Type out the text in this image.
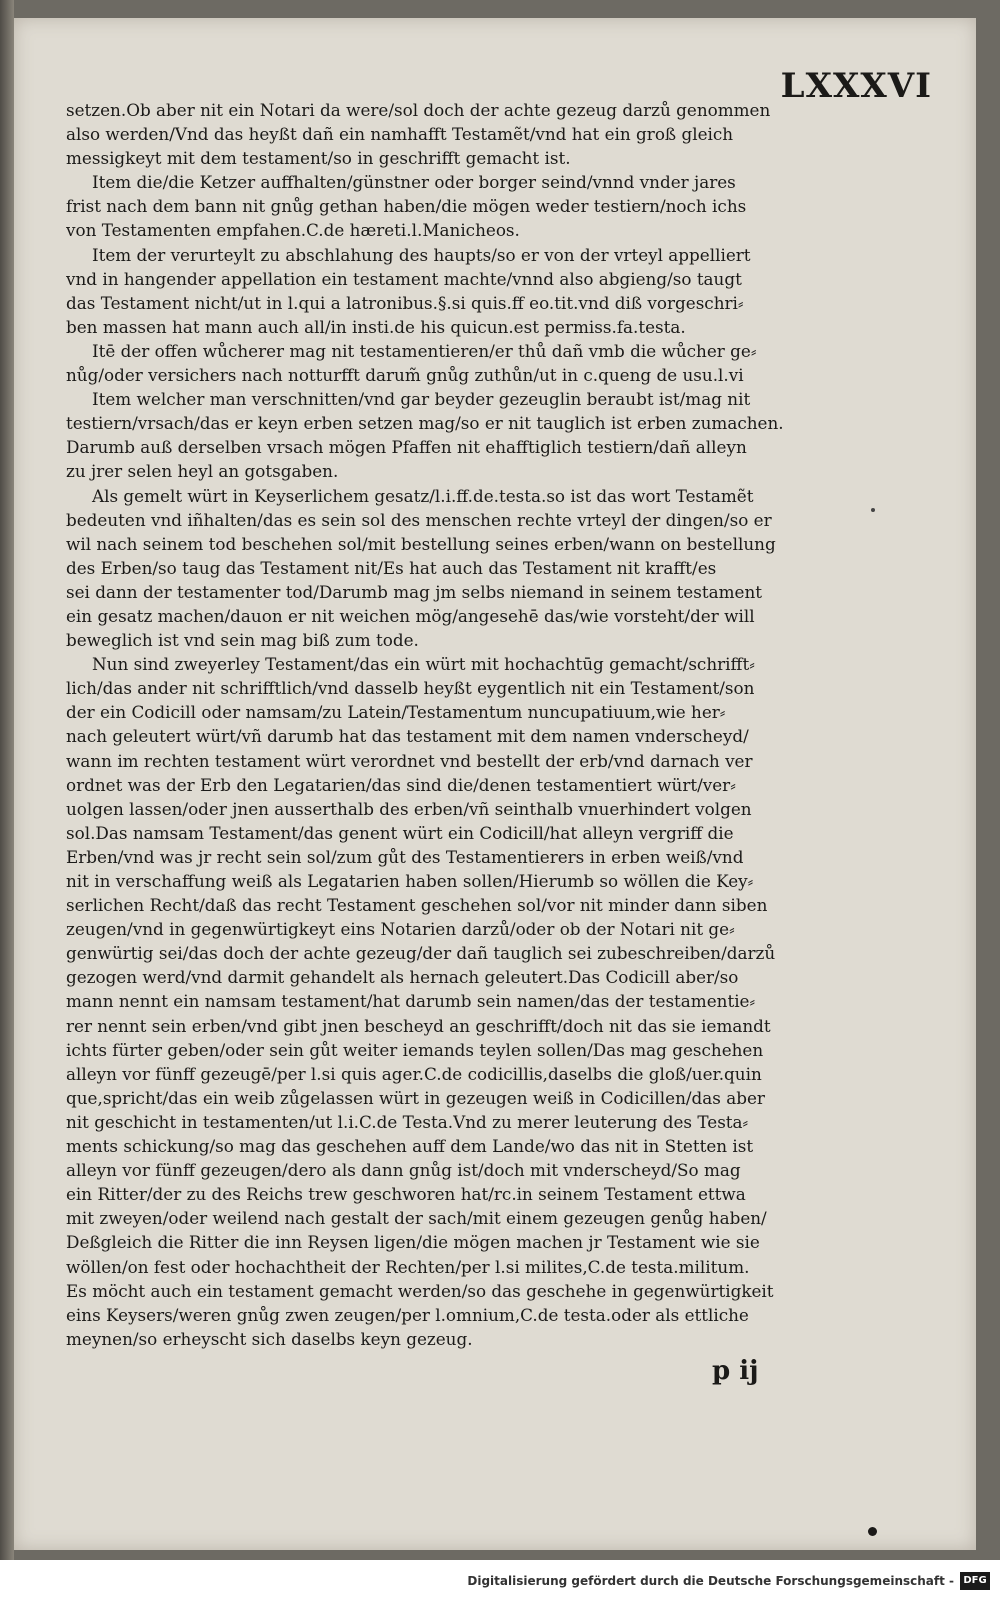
LXXXVI
setzen.Ob aber nit ein Notari da were/sol doch der achte gezeug darzů genommen
also werden/Vnd das heyßt dañ ein namhafft Testamẽt/vnd hat ein groß gleich
messigkeyt mit dem testament/so in geschrifft gemacht ist.
Item die/die Ketzer auffhalten/günstner oder borger seind/vnnd vnder jares
frist nach dem bann nit gnůg gethan haben/die mögen weder testiern/noch ichs
von Testamenten empfahen.C.de hæreti.l.Manicheos.
Item der verurteylt zu abschlahung des haupts/so er von der vrteyl appelliert
vnd in hangender appellation ein testament machte/vnnd also abgieng/so taugt
das Testament nicht/ut in l.qui a latronibus.§.si quis.ff eo.tit.vnd diß vorgeschri⸗
ben massen hat mann auch all/in insti.de his quicun.est permiss.fa.testa.
Itē der offen wůcherer mag nit testamentieren/er thů dañ vmb die wůcher ge⸗
nůg/oder versichers nach notturfft darum̃ gnůg zuthůn/ut in c.queng de usu.l.vi
Item welcher man verschnitten/vnd gar beyder gezeuglin beraubt ist/mag nit
testiern/vrsach/das er keyn erben setzen mag/so er nit tauglich ist erben zumachen.
Darumb auß derselben vrsach mögen Pfaffen nit ehafftiglich testiern/dañ alleyn
zu jrer selen heyl an gotsgaben.
Als gemelt würt in Keyserlichem gesatz/l.i.ff.de.testa.so ist das wort Testamẽt
bedeuten vnd iñhalten/das es sein sol des menschen rechte vrteyl der dingen/so er
wil nach seinem tod beschehen sol/mit bestellung seines erben/wann on bestellung
des Erben/so taug das Testament nit/Es hat auch das Testament nit krafft/es
sei dann der testamenter tod/Darumb mag jm selbs niemand in seinem testament
ein gesatz machen/dauon er nit weichen mög/angesehē das/wie vorsteht/der will
beweglich ist vnd sein mag biß zum tode.
Nun sind zweyerley Testament/das ein würt mit hochachtūg gemacht/schrifft⸗
lich/das ander nit schrifftlich/vnd dasselb heyßt eygentlich nit ein Testament/son
der ein Codicill oder namsam/zu Latein/Testamentum nuncupatiuum,wie her⸗
nach geleutert würt/vñ darumb hat das testament mit dem namen vnderscheyd/
wann im rechten testament würt verordnet vnd bestellt der erb/vnd darnach ver
ordnet was der Erb den Legatarien/das sind die/denen testamentiert würt/ver⸗
uolgen lassen/oder jnen ausserthalb des erben/vñ seinthalb vnuerhindert volgen
sol.Das namsam Testament/das genent würt ein Codicill/hat alleyn vergriff die
Erben/vnd was jr recht sein sol/zum gůt des Testamentierers in erben weiß/vnd
nit in verschaffung weiß als Legatarien haben sollen/Hierumb so wöllen die Key⸗
serlichen Recht/daß das recht Testament geschehen sol/vor nit minder dann siben
zeugen/vnd in gegenwürtigkeyt eins Notarien darzů/oder ob der Notari nit ge⸗
genwürtig sei/das doch der achte gezeug/der dañ tauglich sei zubeschreiben/darzů
gezogen werd/vnd darmit gehandelt als hernach geleutert.Das Codicill aber/so
mann nennt ein namsam testament/hat darumb sein namen/das der testamentie⸗
rer nennt sein erben/vnd gibt jnen bescheyd an geschrifft/doch nit das sie iemandt
ichts fürter geben/oder sein gůt weiter iemands teylen sollen/Das mag geschehen
alleyn vor fünff gezeugē/per l.si quis ager.C.de codicillis,daselbs die gloß/uer.quin
que,spricht/das ein weib zůgelassen würt in gezeugen weiß in Codicillen/das aber
nit geschicht in testamenten/ut l.i.C.de Testa.Vnd zu merer leuterung des Testa⸗
ments schickung/so mag das geschehen auff dem Lande/wo das nit in Stetten ist
alleyn vor fünff gezeugen/dero als dann gnůg ist/doch mit vnderscheyd/So mag
ein Ritter/der zu des Reichs trew geschworen hat/rc.in seinem Testament ettwa
mit zweyen/oder weilend nach gestalt der sach/mit einem gezeugen genůg haben/
Deßgleich die Ritter die inn Reysen ligen/die mögen machen jr Testament wie sie
wöllen/on fest oder hochachtheit der Rechten/per l.si milites,C.de testa.militum.
Es möcht auch ein testament gemacht werden/so das geschehe in gegenwürtigkeit
eins Keysers/weren gnůg zwen zeugen/per l.omnium,C.de testa.oder als ettliche
meynen/so erheyscht sich daselbs keyn gezeug.
p ij
Digitalisierung gefördert durch die Deutsche Forschungsgemeinschaft - DFG
